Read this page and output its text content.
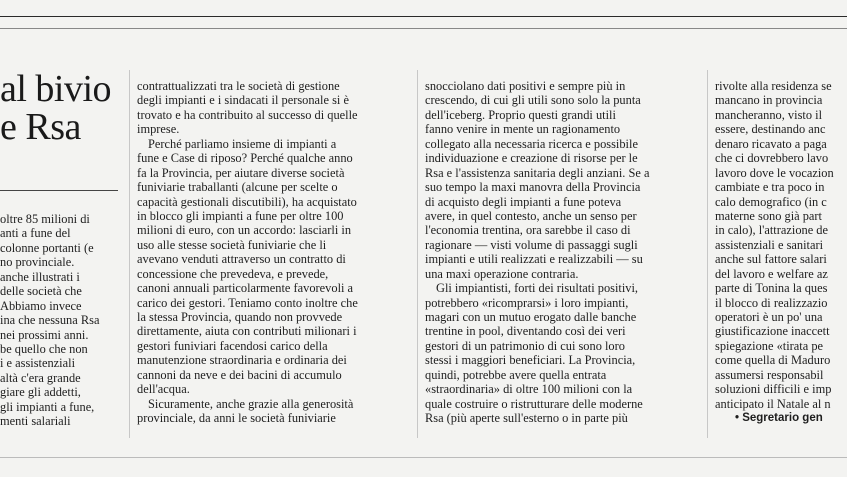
al bivio
e Rsa
oltre 85 milioni di
anti a fune del
colonne portanti (e
no provinciale.
anche illustrati i
delle società che
Abbiamo invece
ina che nessuna Rsa
nei prossimi anni.
be quello che non
i e assistenziali
altà c'era grande
giare gli addetti,
gli impianti a fune,
menti salariali
contrattualizzati tra le società di gestione
degli impianti e i sindacati il personale si è
trovato e ha contribuito al successo di quelle
imprese.
Perché parliamo insieme di impianti a
fune e Case di riposo? Perché qualche anno
fa la Provincia, per aiutare diverse società
funiviarie traballanti (alcune per scelte o
capacità gestionali discutibili), ha acquistato
in blocco gli impianti a fune per oltre 100
milioni di euro, con un accordo: lasciarli in
uso alle stesse società funiviarie che li
avevano venduti attraverso un contratto di
concessione che prevedeva, e prevede,
canoni annuali particolarmente favorevoli a
carico dei gestori. Teniamo conto inoltre che
la stessa Provincia, quando non provvede
direttamente, aiuta con contributi milionari i
gestori funiviari facendosi carico della
manutenzione straordinaria e ordinaria dei
cannoni da neve e dei bacini di accumulo
dell'acqua.
Sicuramente, anche grazie alla generosità
provinciale, da anni le società funiviarie
snocciolano dati positivi e sempre più in
crescendo, di cui gli utili sono solo la punta
dell'iceberg. Proprio questi grandi utili
fanno venire in mente un ragionamento
collegato alla necessaria ricerca e possibile
individuazione e creazione di risorse per le
Rsa e l'assistenza sanitaria degli anziani. Se a
suo tempo la maxi manovra della Provincia
di acquisto degli impianti a fune poteva
avere, in quel contesto, anche un senso per
l'economia trentina, ora sarebbe il caso di
ragionare — visti volume di passaggi sugli
impianti e utili realizzati e realizzabili — su
una maxi operazione contraria.
Gli impiantisti, forti dei risultati positivi,
potrebbero «ricomprarsi» i loro impianti,
magari con un mutuo erogato dalle banche
trentine in pool, diventando così dei veri
gestori di un patrimonio di cui sono loro
stessi i maggiori beneficiari. La Provincia,
quindi, potrebbe avere quella entrata
«straordinaria» di oltre 100 milioni con la
quale costruire o ristrutturare delle moderne
Rsa (più aperte sull'esterno o in parte più
rivolte alla residenza se
mancano in provincia
mancheranno, visto il
essere, destinando anc
denaro ricavato a paga
che ci dovrebbero lavo
lavoro dove le vocazion
cambiate e tra poco in
calo demografico (in c
materne sono già part
in calo), l'attrazione de
assistenziali e sanitari
anche sul fattore salari
del lavoro e welfare az
parte di Tonina la ques
il blocco di realizzazio
operatori è un po' una
giustificazione inaccett
spiegazione «tirata pe
come quella di Maduro
assumersi responsabil
soluzioni difficili e imp
anticipato il Natale al n
• Segretario gen
